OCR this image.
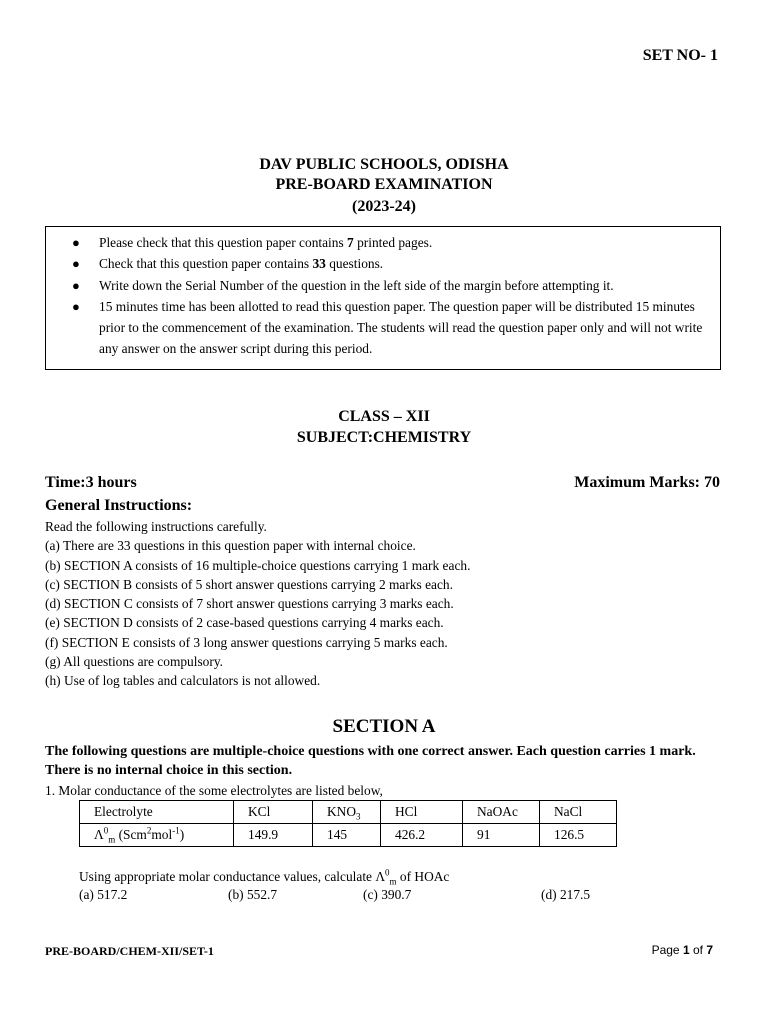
SET NO- 1
DAV PUBLIC SCHOOLS, ODISHA
PRE-BOARD EXAMINATION
(2023-24)
● Please check that this question paper contains 7 printed pages.
● Check that this question paper contains 33 questions.
● Write down the Serial Number of the question in the left side of the margin before attempting it.
● 15 minutes time has been allotted to read this question paper. The question paper will be distributed 15 minutes prior to the commencement of the examination. The students will read the question paper only and will not write any answer on the answer script during this period.
CLASS – XII
SUBJECT:CHEMISTRY
Time:3 hours	Maximum Marks: 70
General Instructions:
Read the following instructions carefully.
(a) There are 33 questions in this question paper with internal choice.
(b) SECTION A consists of 16 multiple-choice questions carrying 1 mark each.
(c) SECTION B consists of 5 short answer questions carrying 2 marks each.
(d) SECTION C consists of 7 short answer questions carrying 3 marks each.
(e) SECTION D consists of 2 case-based questions carrying 4 marks each.
(f) SECTION E consists of 3 long answer questions carrying 5 marks each.
(g) All questions are compulsory.
(h) Use of log tables and calculators is not allowed.
SECTION A
The following questions are multiple-choice questions with one correct answer. Each question carries 1 mark. There is no internal choice in this section.
1. Molar conductance of the some electrolytes are listed below,
Electrolyte	KCl	$KNO_3$	HCl	NaOAc	NaCl
$\Lambda^0_m$ (Scm$^2$mol$^{-1}$)	149.9	145	426.2	91	126.5
Using appropriate molar conductance values, calculate $\Lambda^0_m$ of HOAc
(a) 517.2	(b) 552.7	(c) 390.7	(d) 217.5
PRE-BOARD/CHEM-XII/SET-1	Page 1 of 7
